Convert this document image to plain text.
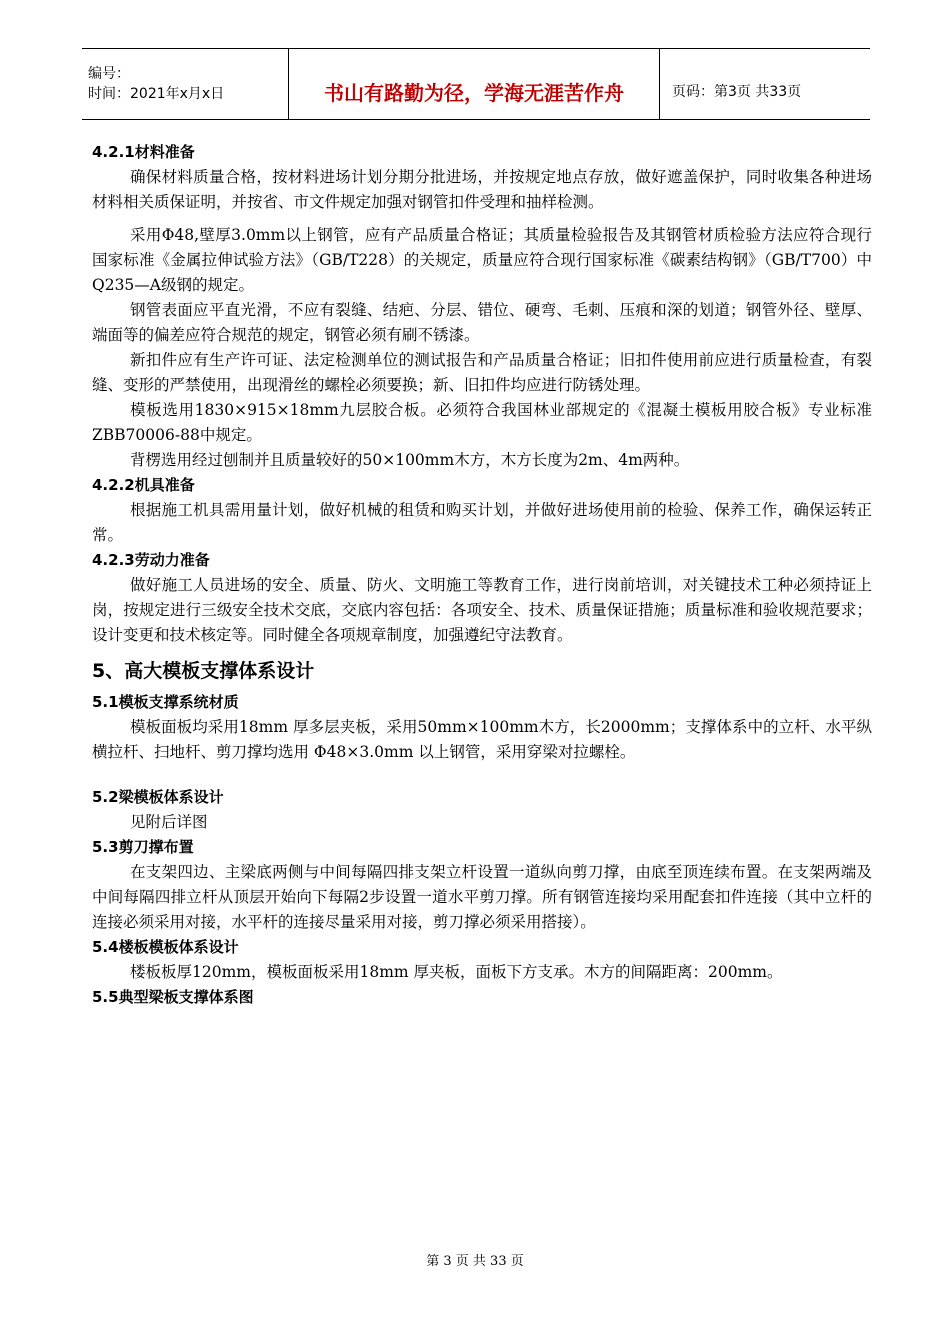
编号：
时间：2021年x月x日	书山有路勤为径，学海无涯苦作舟	页码：第3页 共33页
4.2.1材料准备

确保材料质量合格，按材料进场计划分期分批进场，并按规定地点存放，做好遮盖保护，同时收集各种进场材料相关质保证明，并按省、市文件规定加强对钢管扣件受理和抽样检测。

采用Φ48,壁厚3.0mm以上钢管，应有产品质量合格证；其质量检验报告及其钢管材质检验方法应符合现行国家标准《金属拉伸试验方法》（GB/T228）的关规定，质量应符合现行国家标准《碳素结构钢》（GB/T700）中Q235—A级钢的规定。

钢管表面应平直光滑，不应有裂缝、结疤、分层、错位、硬弯、毛刺、压痕和深的划道；钢管外径、壁厚、端面等的偏差应符合规范的规定，钢管必须有刷不锈漆。

新扣件应有生产许可证、法定检测单位的测试报告和产品质量合格证；旧扣件使用前应进行质量检查，有裂缝、变形的严禁使用，出现滑丝的螺栓必须要换；新、旧扣件均应进行防锈处理。

模板选用1830×915×18mm九层胶合板。必须符合我国林业部规定的《混凝土模板用胶合板》专业标准ZBB70006-88中规定。

背楞选用经过刨制并且质量较好的50×100mm木方，木方长度为2m、4m两种。

4.2.2机具准备

根据施工机具需用量计划，做好机械的租赁和购买计划，并做好进场使用前的检验、保养工作，确保运转正常。

4.2.3劳动力准备

做好施工人员进场的安全、质量、防火、文明施工等教育工作，进行岗前培训，对关键技术工种必须持证上岗，按规定进行三级安全技术交底，交底内容包括：各项安全、技术、质量保证措施；质量标准和验收规范要求；设计变更和技术核定等。同时健全各项规章制度，加强遵纪守法教育。

5、高大模板支撑体系设计
5.1模板支撑系统材质

模板面板均采用18mm 厚多层夹板，采用50mm×100mm木方，长2000mm；支撑体系中的立杆、水平纵横拉杆、扫地杆、剪刀撑均选用 Φ48×3.0mm 以上钢管，采用穿梁对拉螺栓。

5.2梁模板体系设计

见附后详图

5.3剪刀撑布置

在支架四边、主梁底两侧与中间每隔四排支架立杆设置一道纵向剪刀撑，由底至顶连续布置。在支架两端及中间每隔四排立杆从顶层开始向下每隔2步设置一道水平剪刀撑。所有钢管连接均采用配套扣件连接（其中立杆的连接必须采用对接，水平杆的连接尽量采用对接，剪刀撑必须采用搭接）。

5.4楼板模板体系设计

楼板板厚120mm，模板面板采用18mm 厚夹板，面板下方支承。木方的间隔距离：200mm。

5.5典型梁板支撑体系图
第 3 页 共 33 页
